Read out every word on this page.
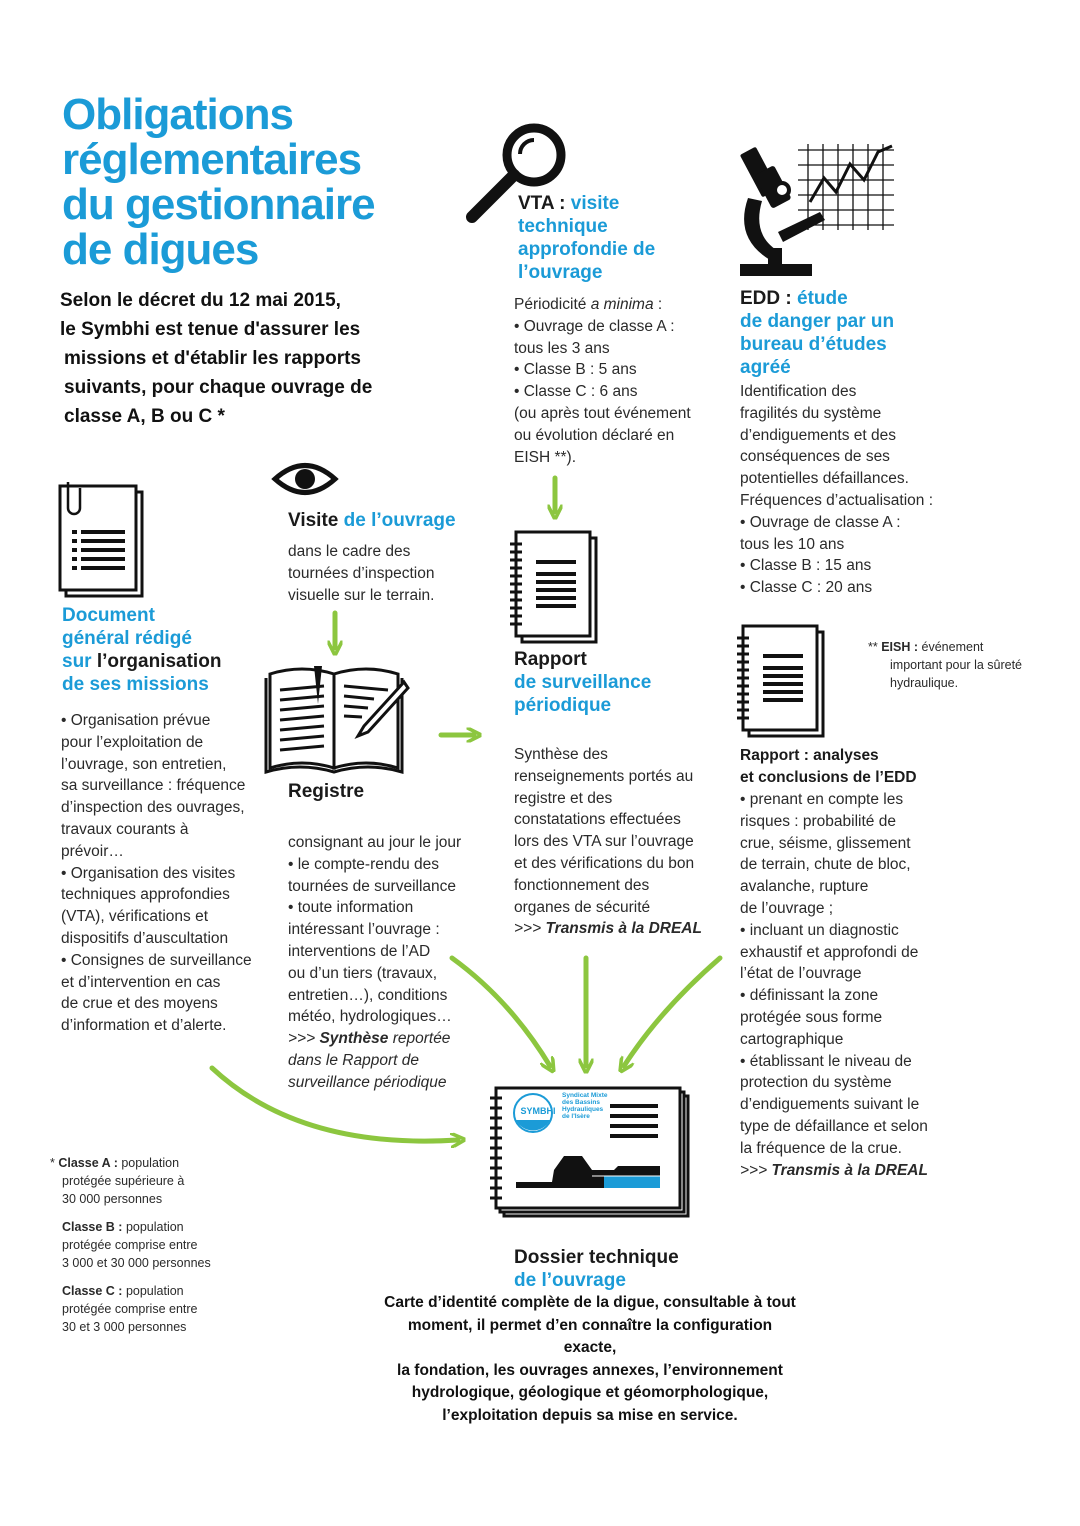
Obligations
réglementaires
du gestionnaire
de digues
Selon le décret du 12 mai 2015,
le Symbhi est tenue d'assurer les
missions et d'établir les rapports
suivants, pour chaque ouvrage de
classe A, B ou C *
SYMBHI
Syndicat Mixte
des Bassins
Hydrauliques
de l'Isère
VTA : visite
technique
approfondie de
l’ouvrage
Périodicité a minima :
• Ouvrage de classe A :
tous les 3 ans
• Classe B : 5 ans
• Classe C : 6 ans
(ou après tout événement
ou évolution déclaré en
EISH **).
EDD : étude
de danger par un
bureau d’études
agréé
Identification des
fragilités du système
d’endiguements et des
conséquences de ses
potentielles défaillances.
Fréquences d’actualisation :
• Ouvrage de classe A :
tous les 10 ans
• Classe B : 15 ans
• Classe C : 20 ans
** EISH : événement
important pour la sûreté
hydraulique.
Visite de l’ouvrage
dans le cadre des
tournées d’inspection
visuelle sur le terrain.
Document
général rédigé
sur l’organisation
de ses missions
• Organisation prévue
pour l’exploitation de
l’ouvrage, son entretien,
sa surveillance : fréquence
d’inspection des ouvrages,
travaux courants à
prévoir…
• Organisation des visites
techniques approfondies
(VTA), vérifications et
dispositifs d’auscultation
• Consignes de surveillance
et d’intervention en cas
de crue et des moyens
d’information et d’alerte.
Registre
consignant au jour le jour
• le compte-rendu des
tournées de surveillance
• toute information
intéressant l’ouvrage :
interventions de l’AD
ou d’un tiers (travaux,
entretien…), conditions
météo, hydrologiques…
>>> Synthèse reportée
dans le Rapport de
surveillance périodique
Rapport
de surveillance
périodique
Synthèse des
renseignements portés au
registre et des
constatations effectuées
lors des VTA sur l’ouvrage
et des vérifications du bon
fonctionnement des
organes de sécurité
>>> Transmis à la DREAL
Rapport : analyses
et conclusions de l’EDD
• prenant en compte les
risques : probabilité de
crue, séisme, glissement
de terrain, chute de bloc,
avalanche, rupture
de l’ouvrage ;
• incluant un diagnostic
exhaustif et approfondi de
l’état de l’ouvrage
• définissant la zone
protégée sous forme
cartographique
• établissant le niveau de
protection du système
d’endiguements suivant le
type de défaillance et selon
la fréquence de la crue.
>>> Transmis à la DREAL
* Classe A : population
protégée supérieure à
30 000 personnes
Classe B : population
protégée comprise entre
3 000 et 30 000 personnes
Classe C : population
protégée comprise entre
30 et 3 000 personnes
Dossier technique
de l’ouvrage
Carte d’identité complète de la digue, consultable à tout
moment, il permet d’en connaître la configuration exacte,
la fondation, les ouvrages annexes, l’environnement
hydrologique, géologique et géomorphologique,
l’exploitation depuis sa mise en service.
